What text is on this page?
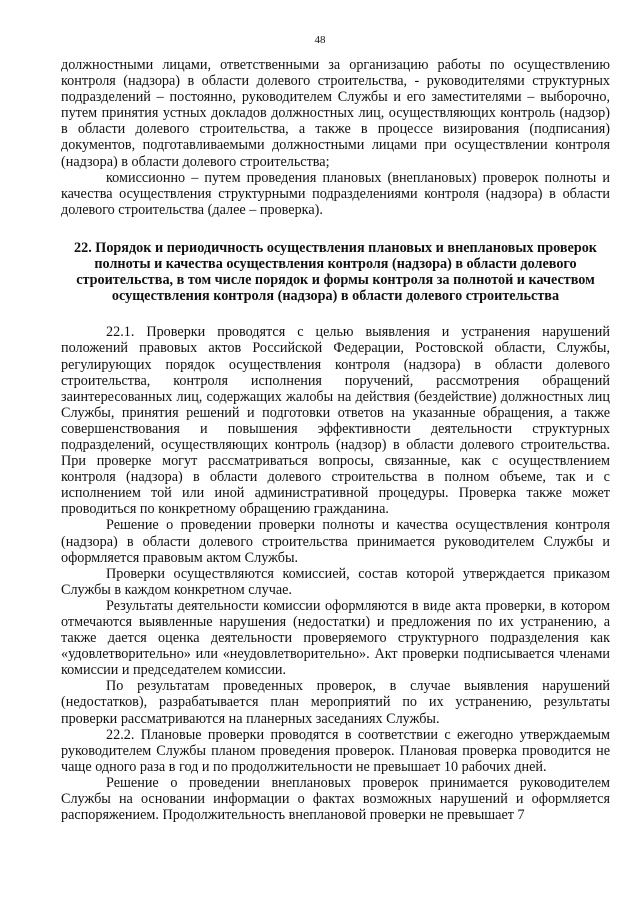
48

должностными лицами, ответственными за организацию работы по осуществлению контроля (надзора) в области долевого строительства, - руководителями структурных подразделений – постоянно, руководителем Службы и его заместителями – выборочно, путем принятия устных докладов должностных лиц, осуществляющих контроль (надзор) в области долевого строительства, а также в процессе визирования (подписания) документов, подготавливаемыми должностными лицами при осуществлении контроля (надзора) в области долевого строительства;

комиссионно – путем проведения плановых (внеплановых) проверок полноты и качества осуществления структурными подразделениями контроля (надзора) в области долевого строительства (далее – проверка).

22. Порядок и периодичность осуществления плановых и внеплановых проверок полноты и качества осуществления контроля (надзора) в области долевого строительства, в том числе порядок и формы контроля за полнотой и качеством осуществления контроля (надзора) в области долевого строительства

22.1. Проверки проводятся с целью выявления и устранения нарушений положений правовых актов Российской Федерации, Ростовской области, Службы, регулирующих порядок осуществления контроля (надзора) в области долевого строительства, контроля исполнения поручений, рассмотрения обращений заинтересованных лиц, содержащих жалобы на действия (бездействие) должностных лиц Службы, принятия решений и подготовки ответов на указанные обращения, а также совершенствования и повышения эффективности деятельности структурных подразделений, осуществляющих контроль (надзор) в области долевого строительства. При проверке могут рассматриваться вопросы, связанные, как с осуществлением контроля (надзора) в области долевого строительства в полном объеме, так и с исполнением той или иной административной процедуры. Проверка также может проводиться по конкретному обращению гражданина.

Решение о проведении проверки полноты и качества осуществления контроля (надзора) в области долевого строительства принимается руководителем Службы и оформляется правовым актом Службы.

Проверки осуществляются комиссией, состав которой утверждается приказом Службы в каждом конкретном случае.

Результаты деятельности комиссии оформляются в виде акта проверки, в котором отмечаются выявленные нарушения (недостатки) и предложения по их устранению, а также дается оценка деятельности проверяемого структурного подразделения как «удовлетворительно» или «неудовлетворительно». Акт проверки подписывается членами комиссии и председателем комиссии.

По результатам проведенных проверок, в случае выявления нарушений (недостатков), разрабатывается план мероприятий по их устранению, результаты проверки рассматриваются на планерных заседаниях Службы.

22.2. Плановые проверки проводятся в соответствии с ежегодно утверждаемым руководителем Службы планом проведения проверок. Плановая проверка проводится не чаще одного раза в год и по продолжительности не превышает 10 рабочих дней.

Решение о проведении внеплановых проверок принимается руководителем Службы на основании информации о фактах возможных нарушений и оформляется распоряжением. Продолжительность внеплановой проверки не превышает 7
